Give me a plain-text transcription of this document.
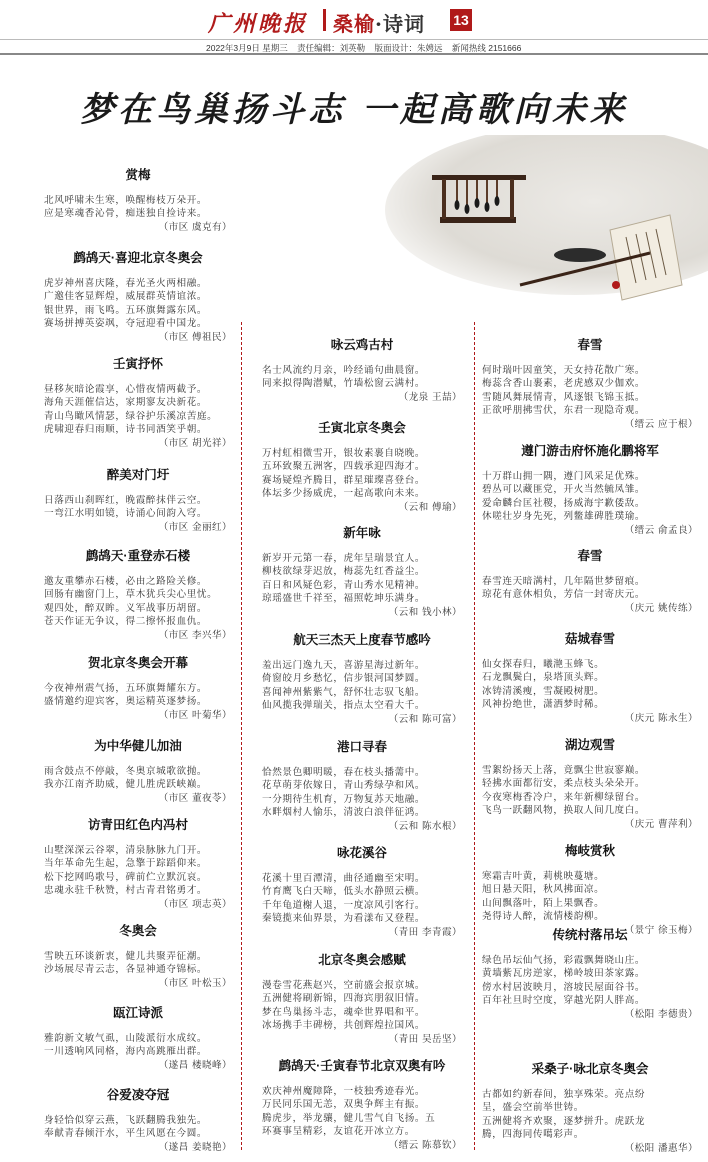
广州晚报 桑榆·诗词 13
2022年3月9日 星期三 责任编辑：刘英勒 版面设计：朱娉远 新闻热线 2151666
梦在鸟巢扬斗志 一起高歌向未来
赏梅
北风呼啸未生寒，唤醒梅枝万朵开。
应是寒魂香沁骨，痴迷独自捡诗来。
（市区 虞克有）
鹧鸪天·喜迎北京冬奥会
虎岁神州喜庆隆，春光圣火两相融。
广邀佳客显辉煌，威展群英情谊浓。
银世界，雨飞鸣。五环旗舞露东风。
赛场拼搏英姿飒，夺冠迎看中国龙。
（市区 傅祖民）
壬寅抒怀
昼移灰暗论霞享，心惜夜情两截予。
海角天涯催信达，家期寥友决新花。
青山鸟瞰风情瑟，绿谷护乐溪凉苦庭。
虎啸迎春归雨顺，诗书同酒笑乎朝。
（市区 胡光祥）
醉美对门圩
日落西山刹晖红，晚霞醉抹伴云空。
一弯江水明如镜，诗涌心间韵入穹。
（市区 金丽红）
鹧鸪天·重登赤石楼
邀友重攀赤石楼，必由之路险关修。
回肠有幽窗门上，草木犹兵尖心里忧。
观四处，醉双眸。义军战事历胡留。
苍天作证无争议，得二擦怀报血仇。
（市区 李兴华）
贺北京冬奥会开幕
今夜神州震气扬，五环旗舞耀东方。
盛情邀约迎宾客，奥运精英逐梦扬。
（市区 叶菊华）
为中华健儿加油
雨含鼓点不停敲，冬奥京城歌欲抛。
我亦江南齐助威，健儿胜虎跃峡巅。
（市区 董夜苓）
访青田红色内冯村
山墅深深云谷翠，清泉脉脉九门开。
当年革命先生起，急擎于踪蹈仰来。
松下挖网呜歌号，碑前伫立默沉哀。
忠魂永驻千秋赞，村古青君铭勇才。
（市区 项志英）
冬奥会
雪映五环谈新衷，健儿共聚弄征潮。
沙场展尽青云志，各显神通夺锦标。
（市区 叶松玉）
瓯江诗派
雅韵新文敏气虱，山陵派衍水成纹。
一川透响风同格，海内高跳雁出群。
（遂昌 楼晓峰）
谷爱凌夺冠
身轻恰似穿云燕，飞跃翻腾我独先。
奉献青春倾汗水，平生风愿在今圆。
（遂昌 姜晓艳）
咏云鸡古村
名士风流约月亲，吟经诵句曲晨窗。
同来拟得陶潜赋，竹墙松窗云满村。
（龙泉 王喆）
壬寅北京冬奥会
万村虹相微雪开，银妆素裹自晓晚。
五环致聚五洲客，四载承迎四海才。
赛场疑煌齐腾目，群星璀璨喜登台。
体坛多少扬威虎，一起高歌向未来。
（云和 傅瑜）
新年咏
新岁开元第一春，虎年呈瑞景宜人。
柳枝欲绿芽迟放，梅蕊先红香益尘。
百日和风疑色彩，青山秀水见精神。
琼瑶盛世千祥至，福照乾坤乐满身。
（云和 钱小林）
航天三杰天上度春节感吟
羞出远门逸九天，喜游星海过新年。
倚窗皎月乡愁忆，信步银河国梦圆。
喜闻神州紫紫气，舒怀壮志驭飞船。
仙风揽我弹瑞关，指点太空看大千。
（云和 陈可富）
港口寻春
恰然景色卿明暖，春在枝头播薷中。
花草萌芽依嫁日，青山秀绿孕和风。
一分期待生机育，万物复苏天地融。
水畔烟村人愉乐，清波白浪伴征鸿。
（云和 陈水根）
咏花溪谷
花溪十里百潭清，曲径通幽至宋明。
竹育鹰飞白天啼，低头水静照云横。
千年龟道榭人退，一度凉风引客行。
秦镜揽来仙界景，为看漾布又登程。
（青田 李青霞）
北京冬奥会感赋
漫卷雪花燕赵兴，空前盛会报京城。
五洲健将刷新锦，四海宾朋叙旧情。
梦在鸟巢扬斗志，魂牵世界唱和平。
冰场携手丰碑榜，共创辉煌拉国风。
（青田 吴岳坚）
鹧鸪天·壬寅春节北京双奥有吟
欢庆神州魔障降，一枝独秀迹春光。
万民同乐国无恙，双奥争辉主有振。
腾虎步，举龙骧，健儿雪气自飞扬。五
环赛事呈精彩，友谊花开冰立方。
（缙云 陈慕钦）
春雪
何时瑞叶因童笑，天女持花散广寒。
梅蕊含香山裹素，老虎感双少伽欢。
雪随风舞展情青，风逐银飞锦玉抵。
正欲呼朋拂雪伏，东君一现隐奇观。
（缙云 应于根）
遵门游击府怀施化鹏将军
十万群山拥一隅，遵门风采足优殊。
碧丛可以藏匪党，开火当然毓凤雏。
爱命麟台匡社稷，扬威海宇歉倭敌。
休嗟壮岁身先死，列鳖雄碑胜璞瑜。
（缙云 俞孟良）
春雪
春雪连天暗满村，几年隔世梦留痕。
琼花有意休相负，芳信一封寄庆元。
（庆元 姚传练）
菇城春雪
仙女探春归，曦滟玉蜂飞。
石龙飘鬓白，泉塔顶头辉。
冰铸清溪瘦，雪凝殿树肥。
风神扮绝世，潇洒梦时稀。
（庆元 陈永生）
湖边观雪
雪絮纷扬天上落，竟飘尘世寂寥巅。
轻拂水面都衍安，柔点枝头朵朵开。
今夜寒梅香冷户，来年新柳绿留台。
飞鸟一跃翻风物，换取人间几度白。
（庆元 曹萍利）
梅岐赏秋
寒霜吉叶黄，莉桃映蔓塘。
旭日悬天阳，秋风拂面凉。
山间飘落叶，陌上果飘香。
尧得诗人醉，流情楼韵柳。
（景宁 徐玉梅）
传统村落吊坛
绿色吊坛仙气扬，彩霞飘舞晓山庄。
黄墙紫瓦房逆家，梯岭坡田茶家露。
傍水村居波映月，溶坡民屋面谷书。
百年社旦时空度，穿越光阴人胖高。
（松阳 李德贵）
采桑子·咏北京冬奥会
古都如约新春间，独享殊荣。亮点纷
呈，盛会空前举世铸。
五洲健将齐欢聚，逐梦拼升。虎跃龙
腾，四海同传噶彩声。
（松阳 潘惠华）
